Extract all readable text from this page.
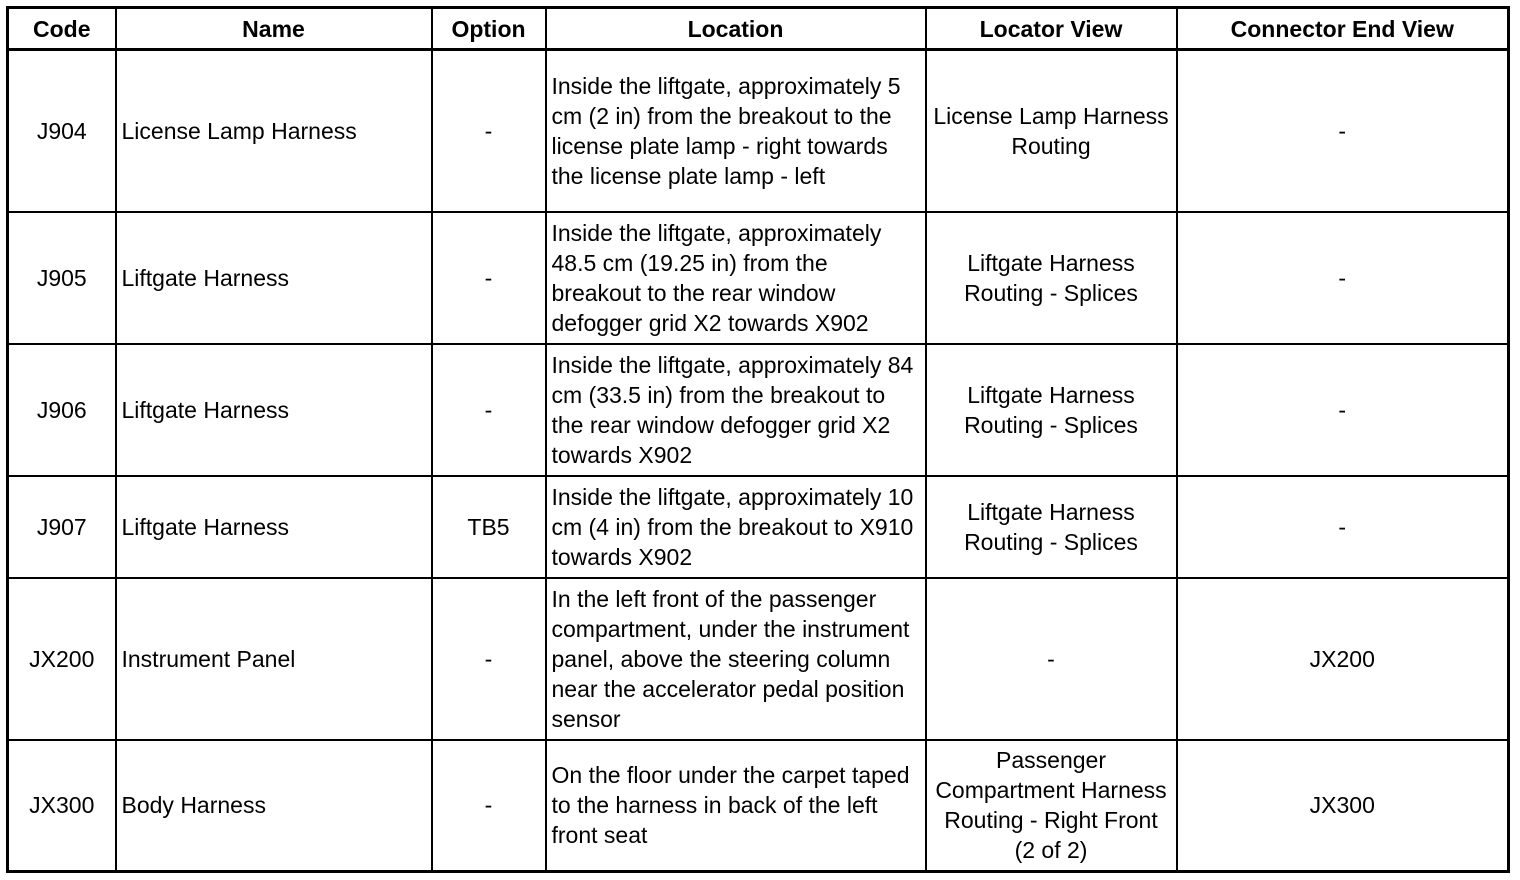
Code	Name	Option	Location	Locator View	Connector End View
J904	License Lamp Harness	-	Inside the liftgate, approximately 5 cm (2 in) from the breakout to the license plate lamp - right towards the license plate lamp - left	License Lamp Harness Routing	-
J905	Liftgate Harness	-	Inside the liftgate, approximately 48.5 cm (19.25 in) from the breakout to the rear window defogger grid X2 towards X902	Liftgate Harness Routing - Splices	-
J906	Liftgate Harness	-	Inside the liftgate, approximately 84 cm (33.5 in) from the breakout to the rear window defogger grid X2 towards X902	Liftgate Harness Routing - Splices	-
J907	Liftgate Harness	TB5	Inside the liftgate, approximately 10 cm (4 in) from the breakout to X910 towards X902	Liftgate Harness Routing - Splices	-
JX200	Instrument Panel	-	In the left front of the passenger compartment, under the instrument panel, above the steering column near the accelerator pedal position sensor	-	JX200
JX300	Body Harness	-	On the floor under the carpet taped to the harness in back of the left front seat	Passenger Compartment Harness Routing - Right Front (2 of 2)	JX300
